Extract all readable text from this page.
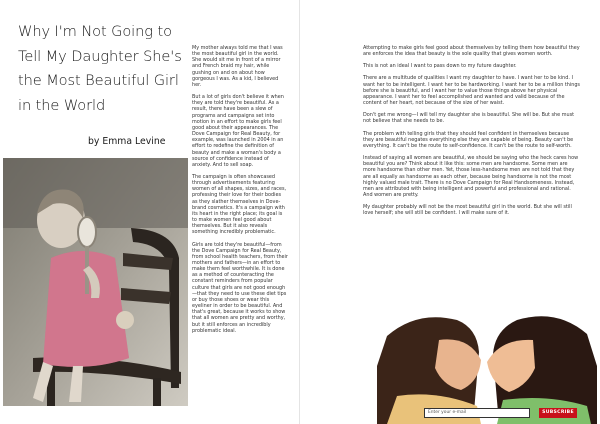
Why I'm Not Going to Tell My Daughter She's the Most Beautiful Girl in the World
by Emma Levine

My mother always told me that I was the most beautiful girl in the world. She would sit me in front of a mirror and French braid my hair, while gushing on and on about how gorgeous I was. As a kid, I believed her.

But a lot of girls don't believe it when they are told they're beautiful. As a result, there have been a slew of programs and campaigns set into motion in an effort to make girls feel good about their appearances. The Dove Campaign for Real Beauty, for example, was launched in 2004 in an effort to redefine the definition of beauty and make a woman's body a source of confidence instead of anxiety. And to sell soap.

The campaign is often showcased through advertisements featuring women of all shapes, sizes, and races, professing their love for their bodies as they slather themselves in Dove-brand cosmetics. It's a campaign with its heart in the right place; its goal is to make women feel good about themselves. But it also reveals something incredibly problematic.

Girls are told they're beautiful—from the Dove Campaign for Real Beauty, from school health teachers, from their mothers and fathers—in an effort to make them feel worthwhile. It is done as a method of counteracting the constant reminders from popular culture that girls are not good enough—that they need to use these diet tips or buy those shoes or wear this eyeliner in order to be beautiful. And that's great, because it works to show that all women are pretty and worthy, but it still enforces an incredibly problematic ideal.

Attempting to make girls feel good about themselves by telling them how beautiful they are enforces the idea that beauty is the sole quality that gives women worth.

This is not an ideal I want to pass down to my future daughter.

There are a multitude of qualities I want my daughter to have. I want her to be kind. I want her to be intelligent. I want her to be hardworking. I want her to be a million things before she is beautiful, and I want her to value those things above her physical appearance. I want her to feel accomplished and wanted and valid because of the content of her heart, not because of the size of her waist.

Don't get me wrong—I will tell my daughter she is beautiful. She will be. But she must not believe that she needs to be.

The problem with telling girls that they should feel confident in themselves because they are beautiful negates everything else they are capable of being. Beauty can't be everything. It can't be the route to self-confidence. It can't be the route to self-worth.

Instead of saying all women are beautiful, we should be saying who the heck cares how beautiful you are? Think about it like this: some men are handsome. Some men are more handsome than other men. Yet, those less-handsome men are not told that they are all equally as handsome as each other, because being handsome is not the most highly valued male trait. There is no Dove Campaign for Real Handsomeness. Instead, men are attributed with being intelligent and powerful and professional and rational. And women are pretty.

My daughter probably will not be the most beautiful girl in the world. But she will still love herself; she will still be confident. I will make sure of it.

Enter your e-mail	SUBSCRIBE
